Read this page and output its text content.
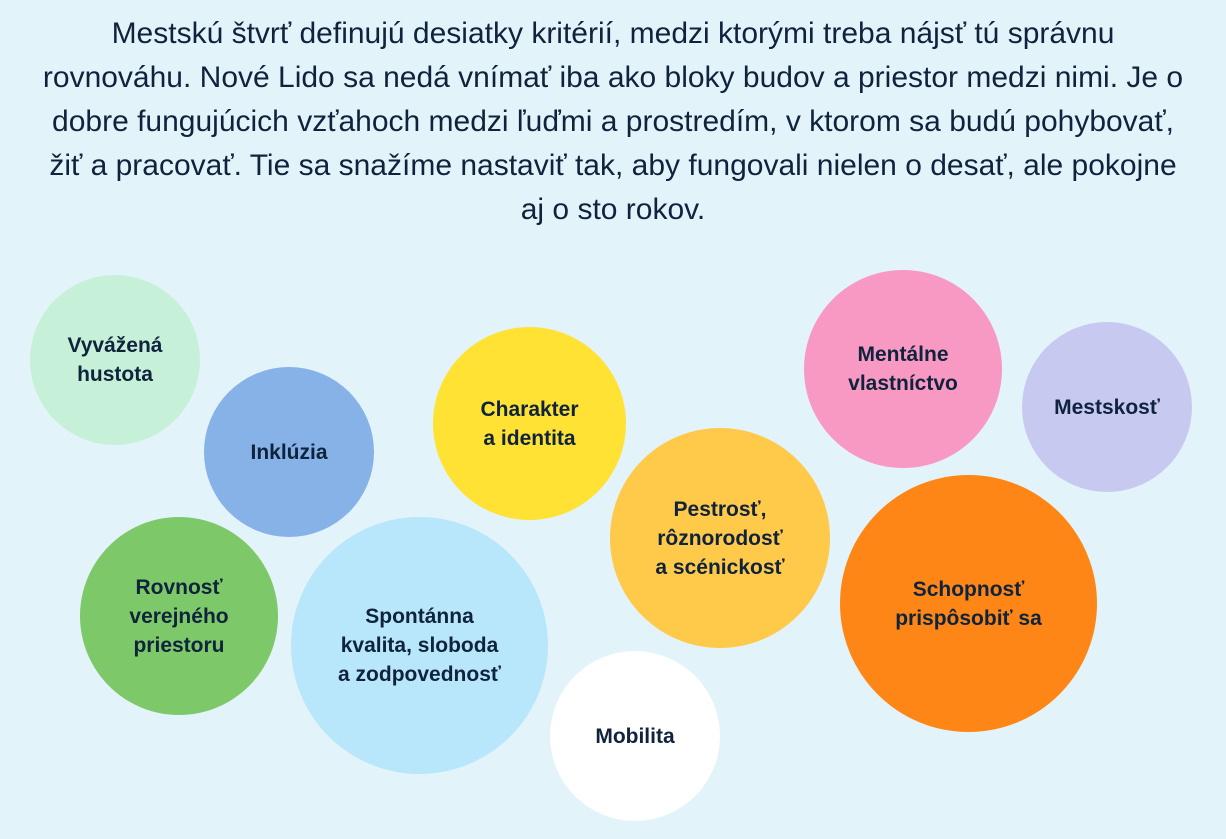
Mestskú štvrť definujú desiatky kritérií, medzi ktorými treba nájsť tú správnu rovnováhu. Nové Lido sa nedá vnímať iba ako bloky budov a priestor medzi nimi. Je o dobre fungujúcich vzťahoch medzi ľuďmi a prostredím, v ktorom sa budú pohybovať, žiť a pracovať. Tie sa snažíme nastaviť tak, aby fungovali nielen o desať, ale pokojne aj o sto rokov.

Vyvážená
hustota
Inklúzia
Rovnosť
verejného
priestoru
Spontánna
kvalita, sloboda
a zodpovednosť
Charakter
a identita
Mobilita
Pestrosť,
rôznorodosť
a scénickosť
Mentálne
vlastníctvo
Mestskosť
Schopnosť
prispôsobiť sa
